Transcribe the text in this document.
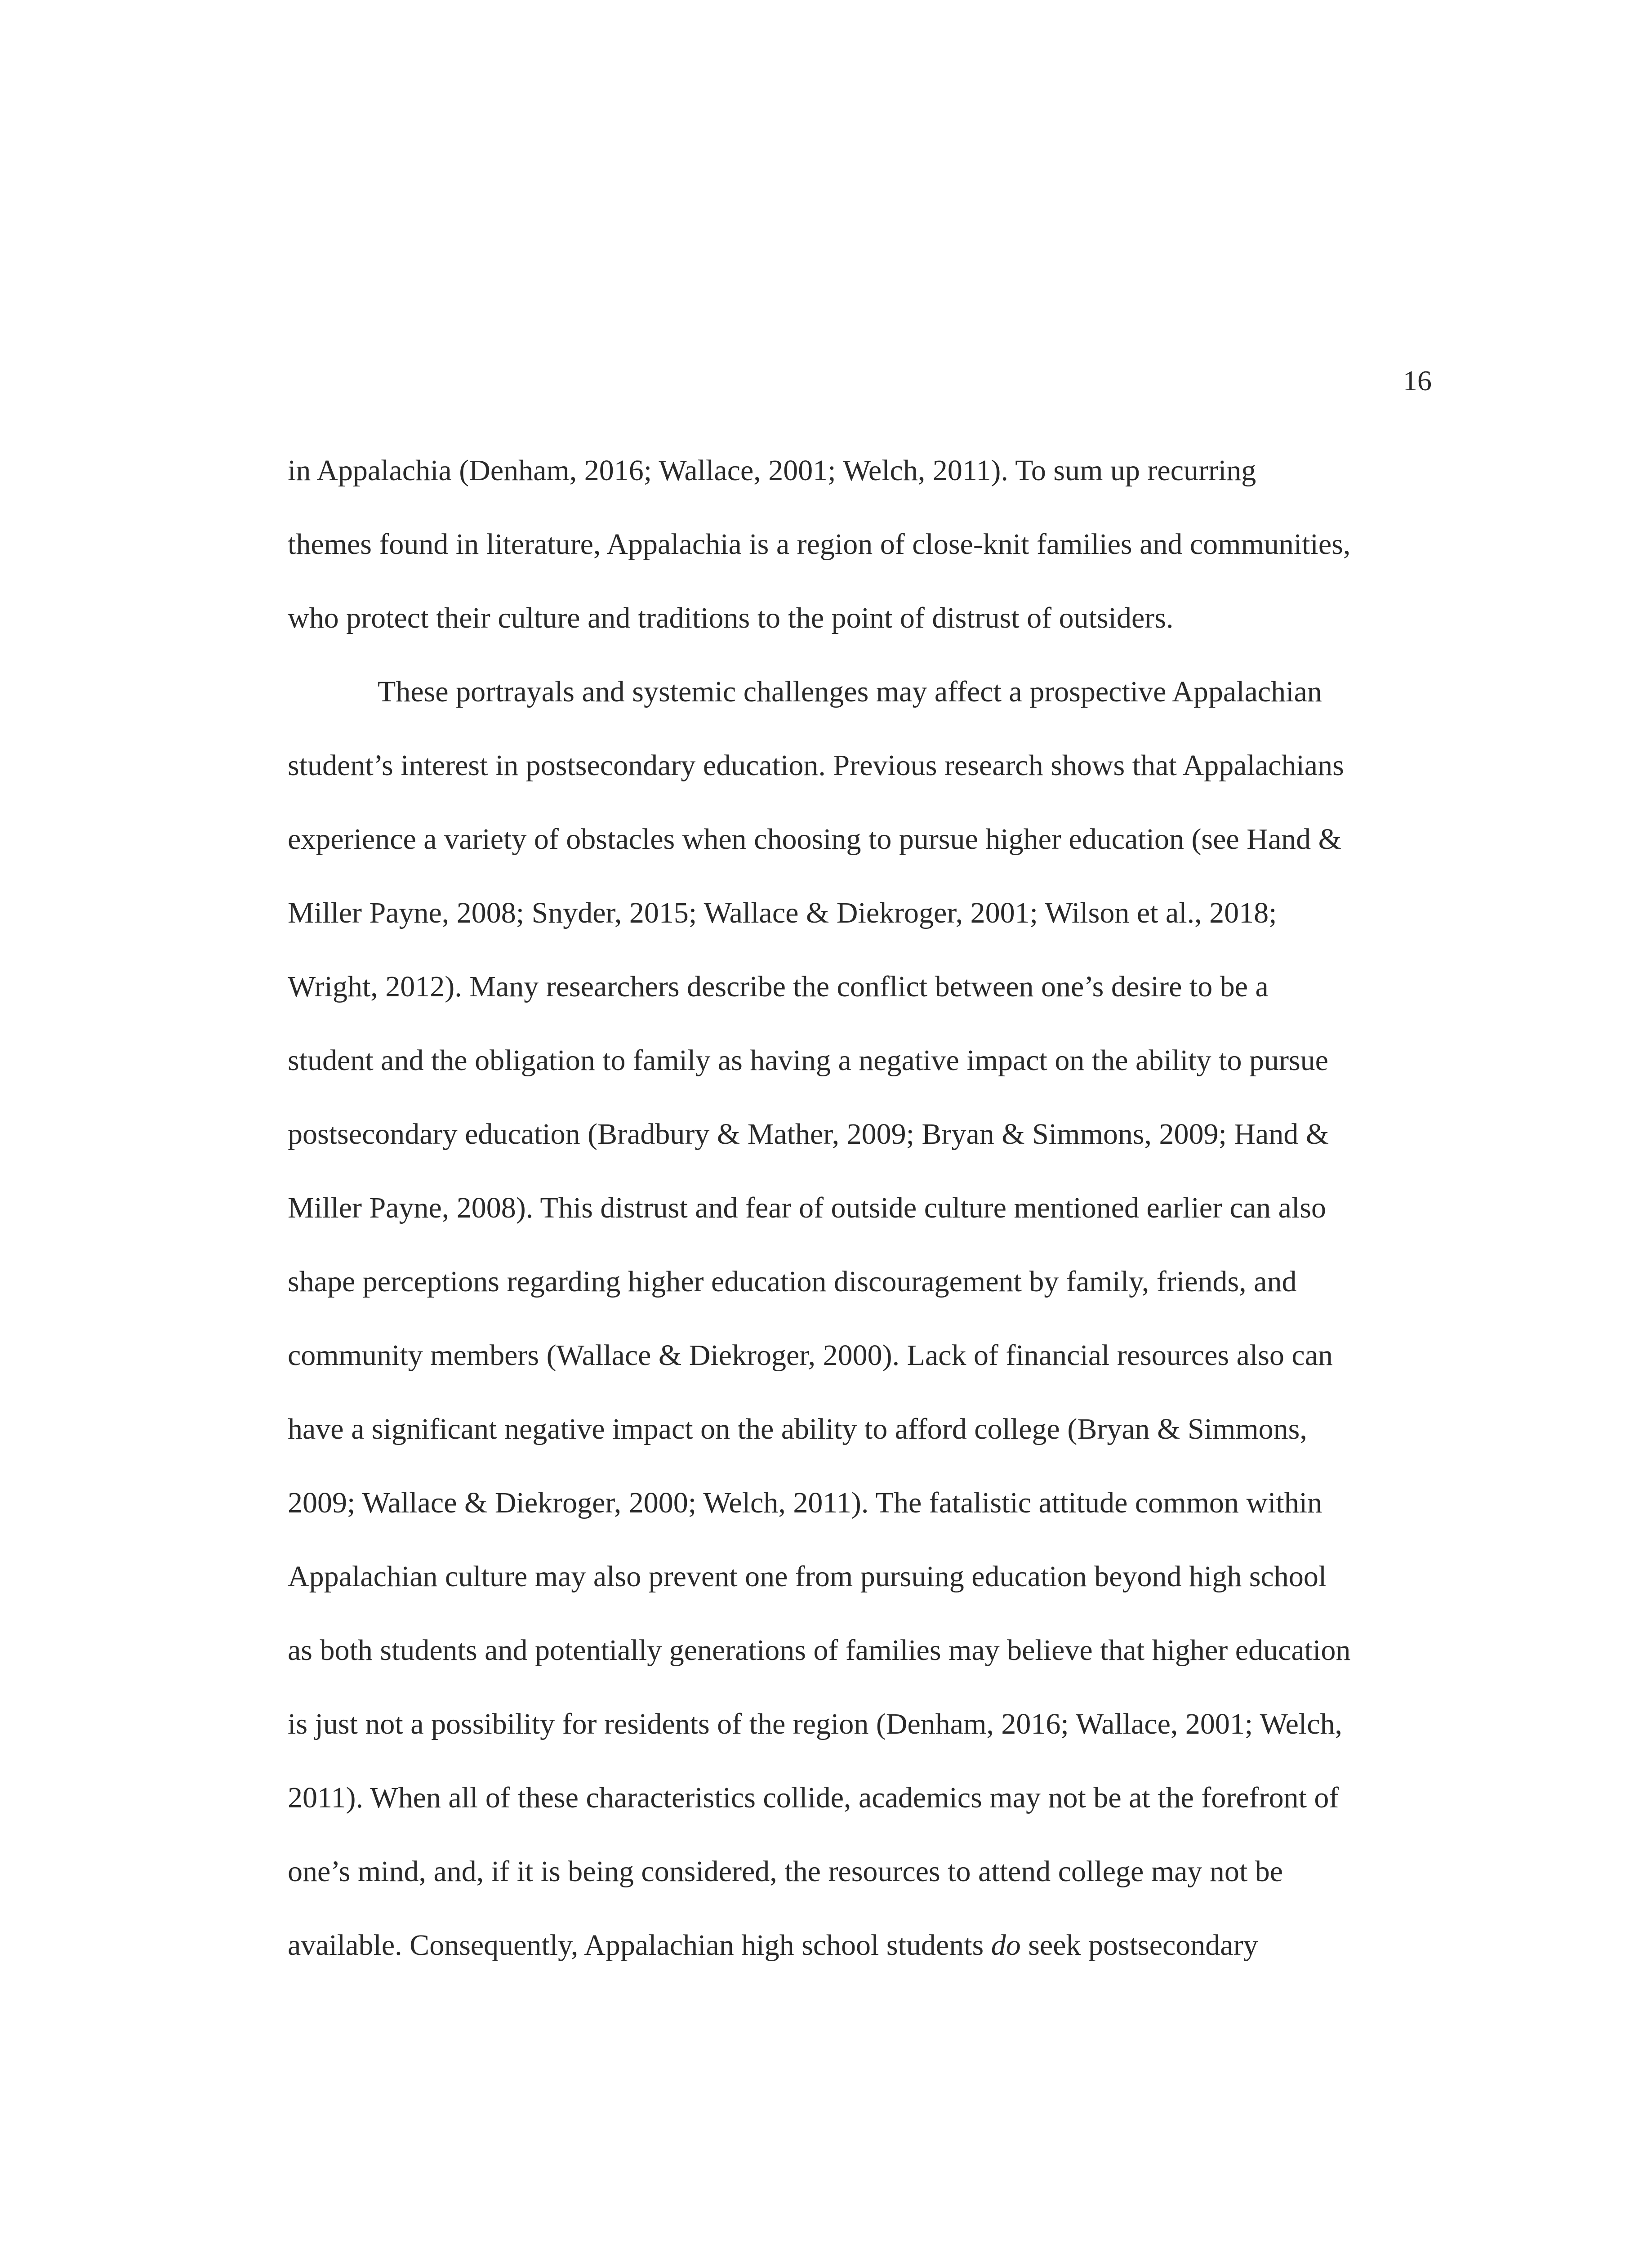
16
in Appalachia (Denham, 2016; Wallace, 2001; Welch, 2011). To sum up recurring
themes found in literature, Appalachia is a region of close-knit families and communities,
who protect their culture and traditions to the point of distrust of outsiders.
These portrayals and systemic challenges may affect a prospective Appalachian
student’s interest in postsecondary education. Previous research shows that Appalachians
experience a variety of obstacles when choosing to pursue higher education (see Hand &
Miller Payne, 2008; Snyder, 2015; Wallace & Diekroger, 2001; Wilson et al., 2018;
Wright, 2012). Many researchers describe the conflict between one’s desire to be a
student and the obligation to family as having a negative impact on the ability to pursue
postsecondary education (Bradbury & Mather, 2009; Bryan & Simmons, 2009; Hand &
Miller Payne, 2008). This distrust and fear of outside culture mentioned earlier can also
shape perceptions regarding higher education discouragement by family, friends, and
community members (Wallace & Diekroger, 2000). Lack of financial resources also can
have a significant negative impact on the ability to afford college (Bryan & Simmons,
2009; Wallace & Diekroger, 2000; Welch, 2011). The fatalistic attitude common within
Appalachian culture may also prevent one from pursuing education beyond high school
as both students and potentially generations of families may believe that higher education
is just not a possibility for residents of the region (Denham, 2016; Wallace, 2001; Welch,
2011). When all of these characteristics collide, academics may not be at the forefront of
one’s mind, and, if it is being considered, the resources to attend college may not be
available. Consequently, Appalachian high school students do seek postsecondary
